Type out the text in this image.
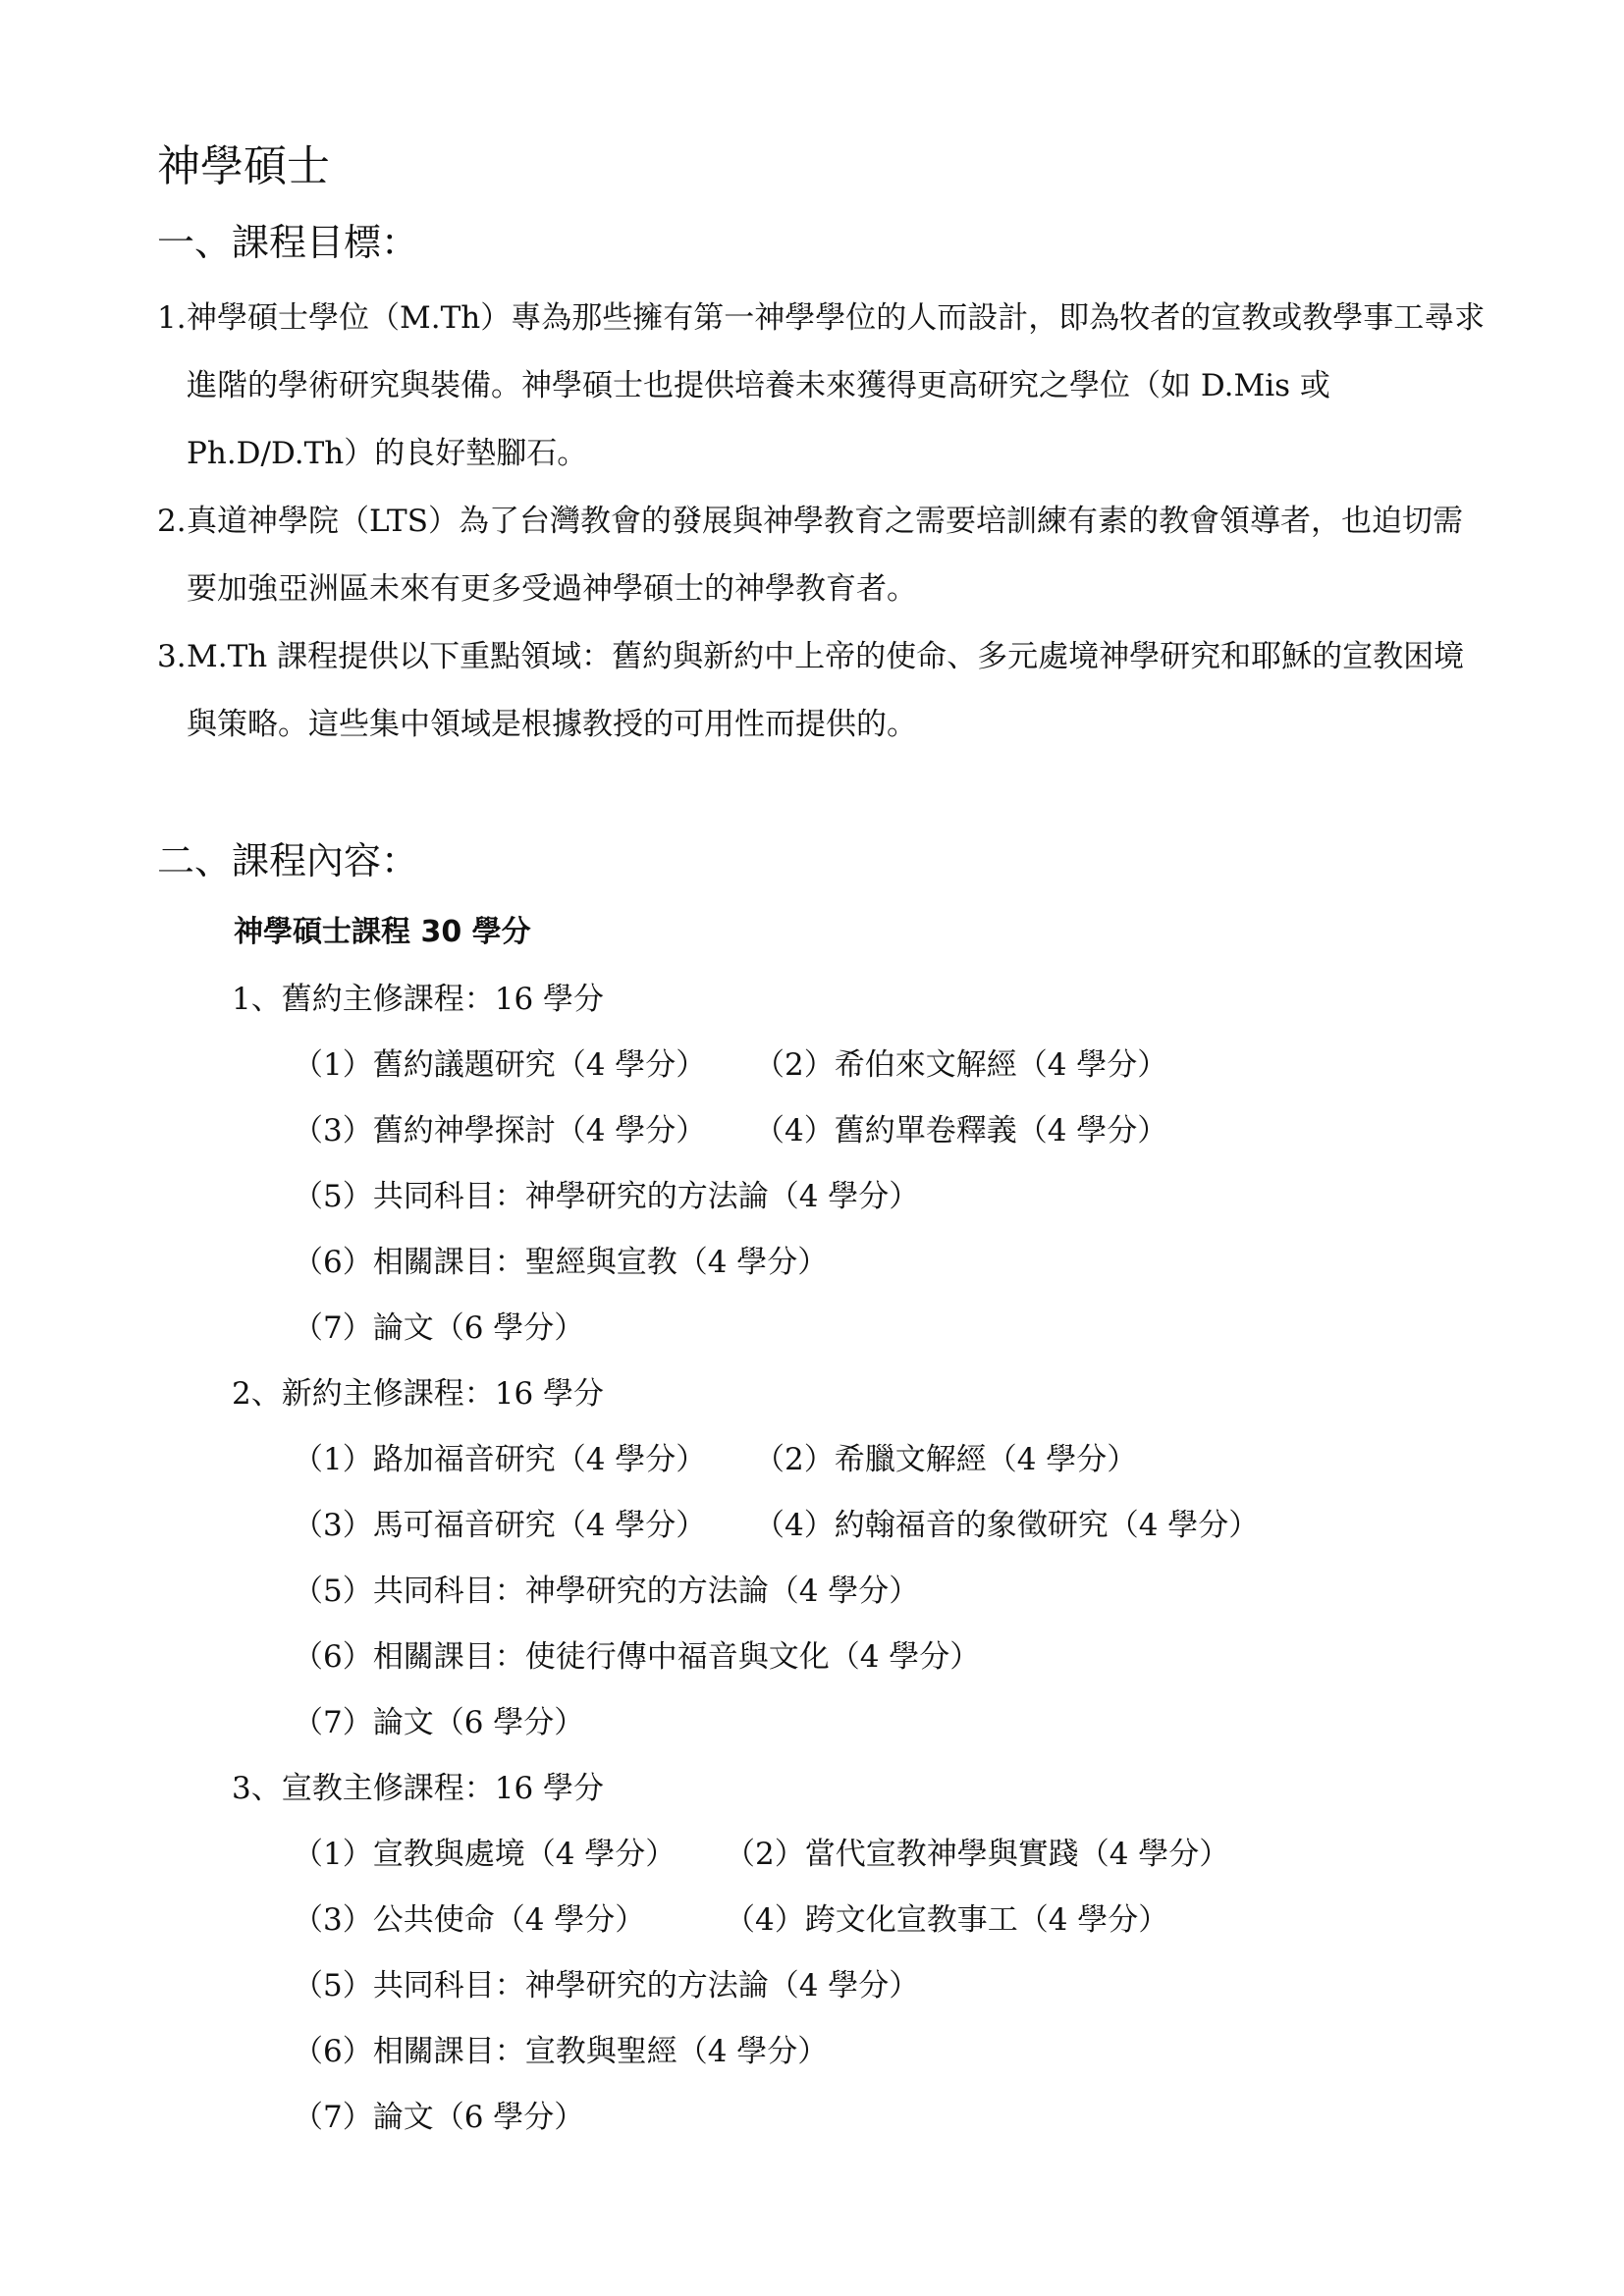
神學碩士
一、課程目標：
1. 神學碩士學位（M.Th）專為那些擁有第一神學學位的人而設計，即為牧者的宣教或教學事工尋求進階的學術研究與裝備。神學碩士也提供培養未來獲得更高研究之學位（如 D.Mis 或 Ph.D/D.Th）的良好墊腳石。
2. 真道神學院（LTS）為了台灣教會的發展與神學教育之需要培訓練有素的教會領導者，也迫切需要加強亞洲區未來有更多受過神學碩士的神學教育者。
3. M.Th 課程提供以下重點領域：舊約與新約中上帝的使命、多元處境神學研究和耶穌的宣教困境與策略。這些集中領域是根據教授的可用性而提供的。
二、課程內容：
神學碩士課程 30 學分
1、舊約主修課程：16 學分
（1）舊約議題研究（4 學分） （2）希伯來文解經（4 學分）
（3）舊約神學探討（4 學分） （4）舊約單卷釋義（4 學分）
（5）共同科目：神學研究的方法論（4 學分）
（6）相關課目：聖經與宣教（4 學分）
（7）論文（6 學分）
2、新約主修課程：16 學分
（1）路加福音研究（4 學分） （2）希臘文解經（4 學分）
（3）馬可福音研究（4 學分） （4）約翰福音的象徵研究（4 學分）
（5）共同科目：神學研究的方法論（4 學分）
（6）相關課目：使徒行傳中福音與文化（4 學分）
（7）論文（6 學分）
3、宣教主修課程：16 學分
（1）宣教與處境（4 學分） （2）當代宣教神學與實踐（4 學分）
（3）公共使命（4 學分）	（4）跨文化宣教事工（4 學分）
（5）共同科目：神學研究的方法論（4 學分）
（6）相關課目：宣教與聖經（4 學分）
（7）論文（6 學分）
